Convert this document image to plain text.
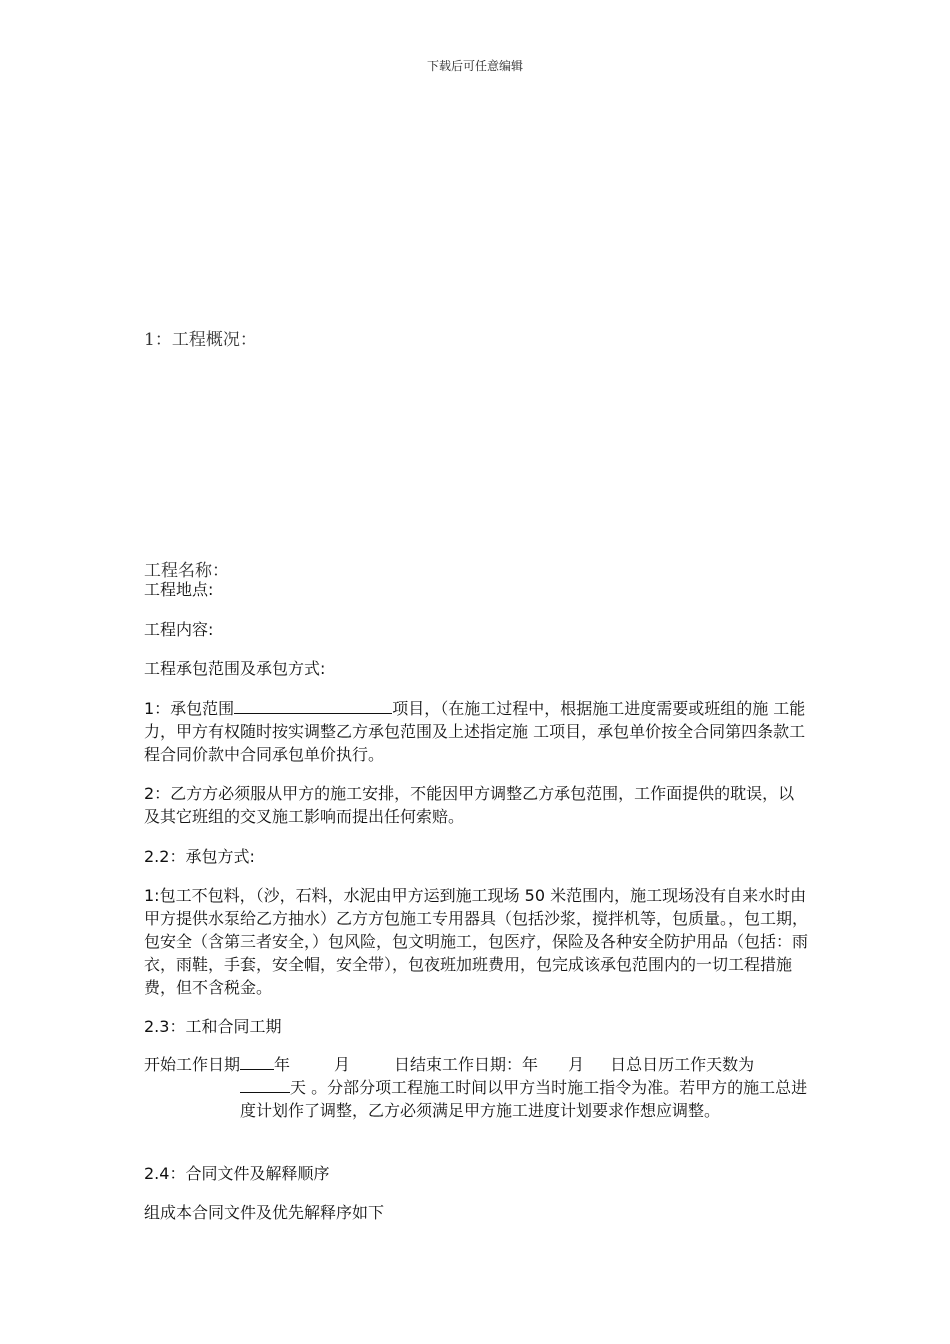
下载后可任意编辑
1：工程概况：
工程名称：
工程地点:
工程内容:
工程承包范围及承包方式:
1：承包范围	项目，（在施工过程中，根据施工进度需要或班组的施 工能力，甲方有权随时按实调整乙方承包范围及上述指定施 工项目，承包单价按全合同第四条款工程合同价款中合同承包单价执行。
2：乙方方必须服从甲方的施工安排，不能因甲方调整乙方承包范围，工作面提供的耽误，以及其它班组的交叉施工影响而提出任何索赔。
2.2：承包方式:
1:包工不包料，（沙，石料，水泥由甲方运到施工现场 50 米范围内，施工现场没有自来水时由甲方提供水泵给乙方抽水）乙方方包施工专用器具（包括沙浆，搅拌机等，包质量。，包工期，包安全（含第三者安全，）包风险，包文明施工，包医疗，保险及各种安全防护用品（包括：雨衣，雨鞋，手套，安全帽，安全带），包夜班加班费用，包完成该承包范围内的一切工程措施费，但不含税金。
2.3：工和合同工期
开始工作日期 年	月	日结束工作日期：年 月 日总日历工作天数为
天 。分部分项工程施工时间以甲方当时施工指令为准。若甲方的施工总进度计划作了调整，乙方必须满足甲方施工进度计划要求作想应调整。
2.4：合同文件及解释顺序
组成本合同文件及优先解释序如下
